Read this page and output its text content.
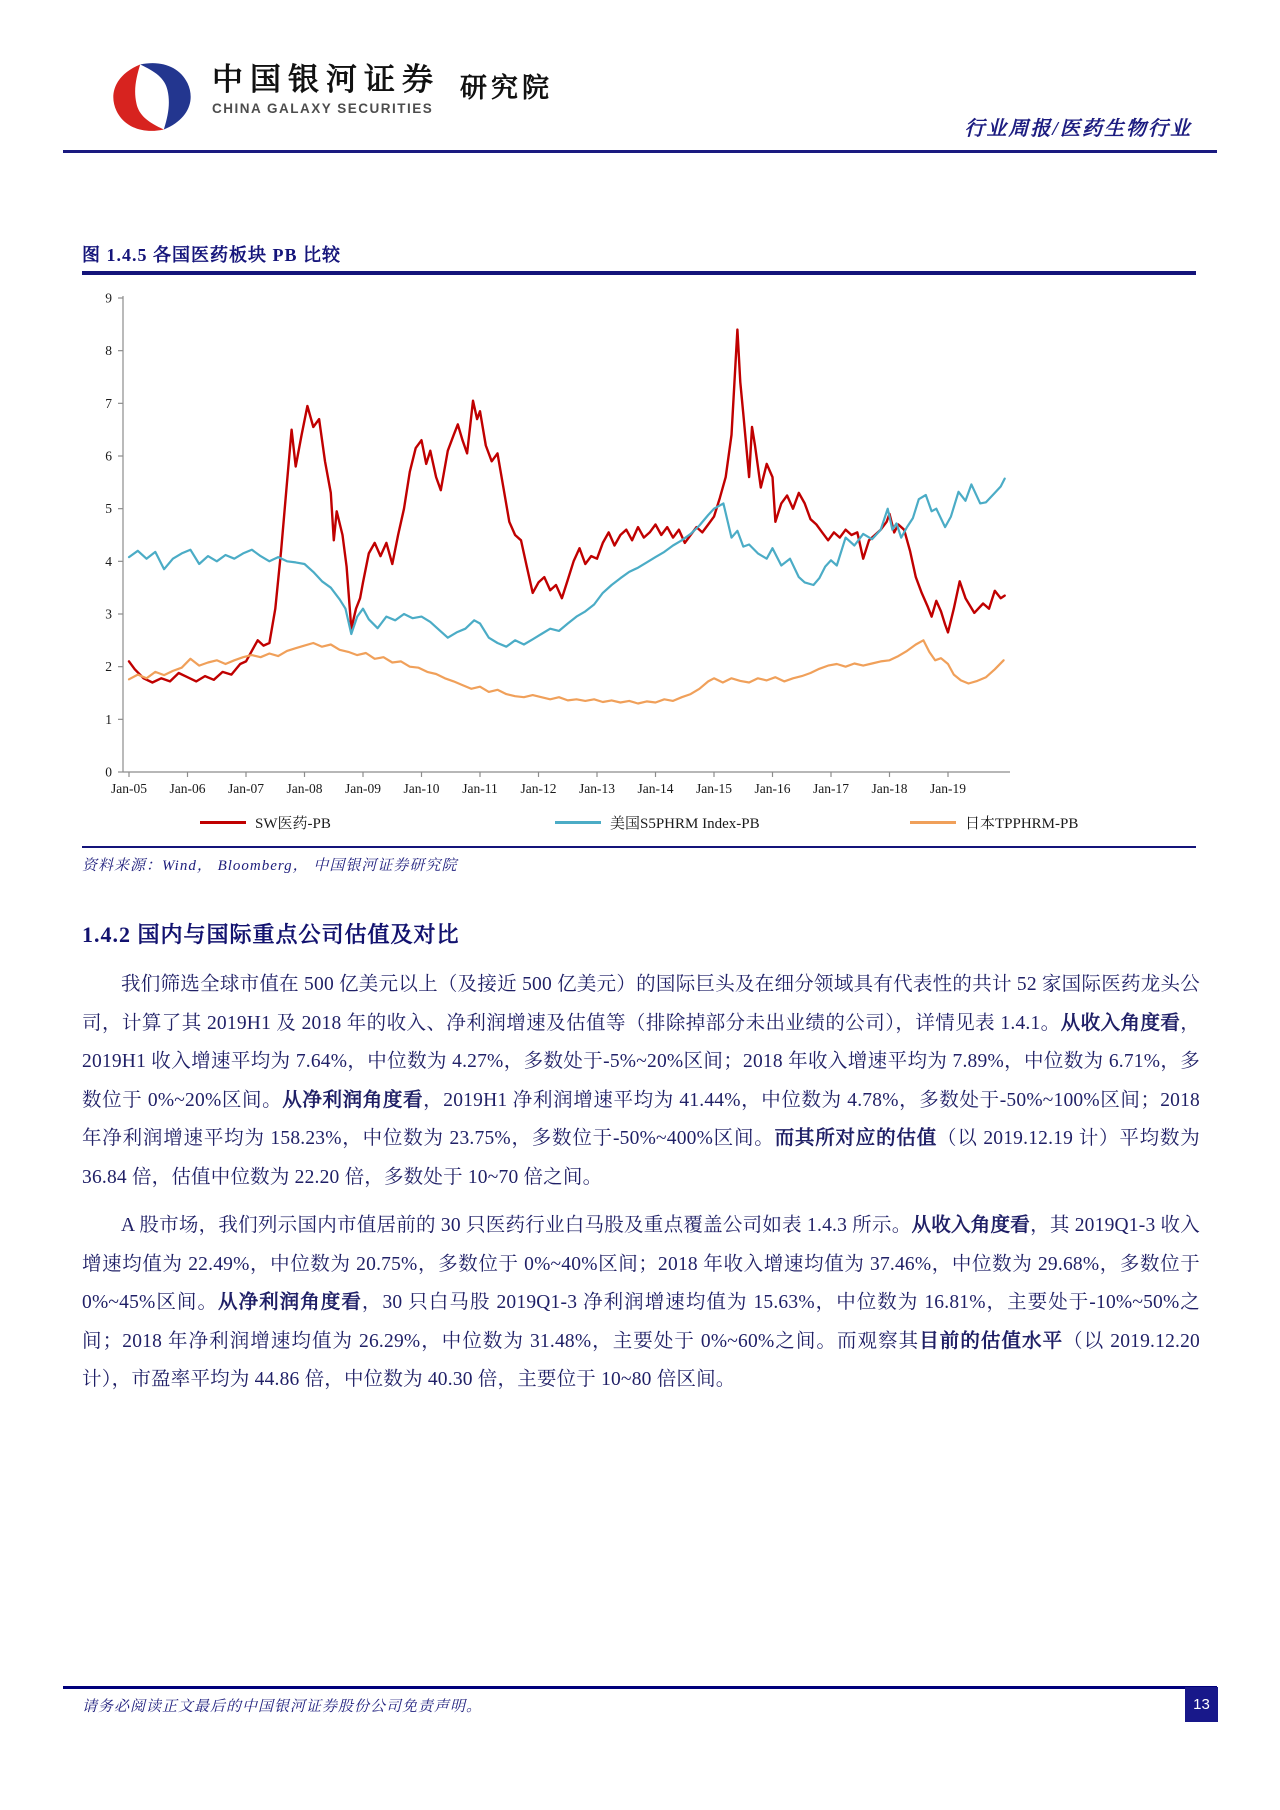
中国银河证券
CHINA GALAXY SECURITIES
研究院
行业周报/医药生物行业
图 1.4.5 各国医药板块 PB 比较
0
1
2
3
4
5
6
7
8
9
Jan-05 Jan-06 Jan-07 Jan-08 Jan-09 Jan-10 Jan-11 Jan-12 Jan-13 Jan-14 Jan-15 Jan-16 Jan-17 Jan-18 Jan-19
SW医药-PB	美国S5PHRM Index-PB	日本TPPHRM-PB
资料来源：Wind， Bloomberg， 中国银河证券研究院
1.4.2 国内与国际重点公司估值及对比

我们筛选全球市值在 500 亿美元以上（及接近 500 亿美元）的国际巨头及在细分领域具有代表性的共计 52 家国际医药龙头公司，计算了其 2019H1 及 2018 年的收入、净利润增速及估值等（排除掉部分未出业绩的公司），详情见表 1.4.1。从收入角度看，2019H1 收入增速平均为 7.64%，中位数为 4.27%，多数处于-5%~20%区间；2018 年收入增速平均为 7.89%，中位数为 6.71%，多数位于 0%~20%区间。从净利润角度看，2019H1 净利润增速平均为 41.44%，中位数为 4.78%，多数处于-50%~100%区间；2018 年净利润增速平均为 158.23%，中位数为 23.75%，多数位于-50%~400%区间。而其所对应的估值（以 2019.12.19 计）平均数为 36.84 倍，估值中位数为 22.20 倍，多数处于 10~70 倍之间。

A 股市场，我们列示国内市值居前的 30 只医药行业白马股及重点覆盖公司如表 1.4.3 所示。从收入角度看，其 2019Q1-3 收入增速均值为 22.49%，中位数为 20.75%，多数位于 0%~40%区间；2018 年收入增速均值为 37.46%，中位数为 29.68%，多数位于 0%~45%区间。从净利润角度看，30 只白马股 2019Q1-3 净利润增速均值为 15.63%，中位数为 16.81%，主要处于-10%~50%之间；2018 年净利润增速均值为 26.29%，中位数为 31.48%，主要处于 0%~60%之间。而观察其目前的估值水平（以 2019.12.20 计），市盈率平均为 44.86 倍，中位数为 40.30 倍，主要位于 10~80 倍区间。

请务必阅读正文最后的中国银河证券股份公司免责声明。	13
